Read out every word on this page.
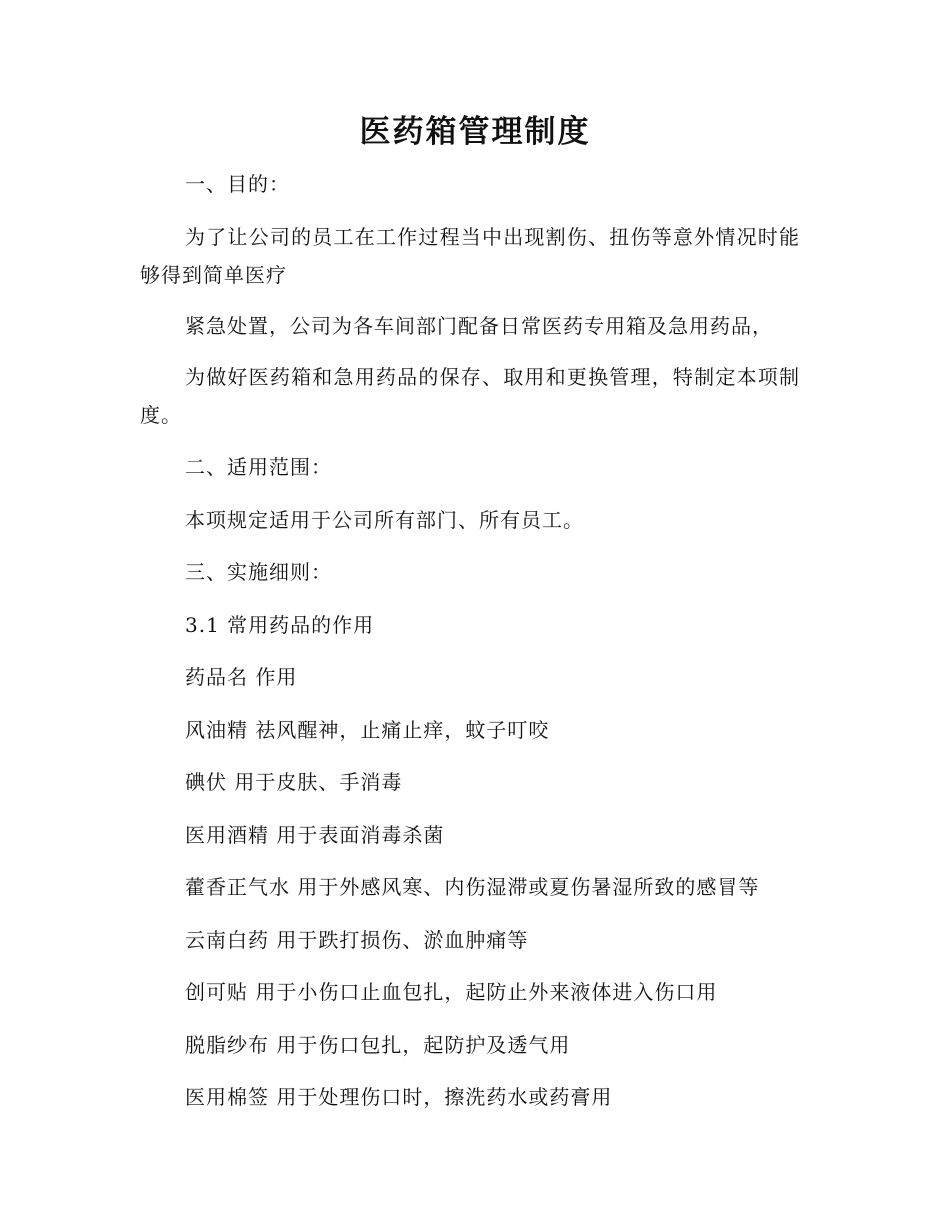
医药箱管理制度
一、目的：
为了让公司的员工在工作过程当中出现割伤、扭伤等意外情况时能够得到简单医疗
紧急处置，公司为各车间部门配备日常医药专用箱及急用药品，
为做好医药箱和急用药品的保存、取用和更换管理，特制定本项制度。
二、适用范围：
本项规定适用于公司所有部门、所有员工。
三、实施细则：
3.1 常用药品的作用
药品名 作用
风油精 祛风醒神，止痛止痒，蚊子叮咬
碘伏 用于皮肤、手消毒
医用酒精 用于表面消毒杀菌
藿香正气水 用于外感风寒、内伤湿滞或夏伤暑湿所致的感冒等
云南白药 用于跌打损伤、淤血肿痛等
创可贴 用于小伤口止血包扎，起防止外来液体进入伤口用
脱脂纱布 用于伤口包扎，起防护及透气用
医用棉签 用于处理伤口时，擦洗药水或药膏用
